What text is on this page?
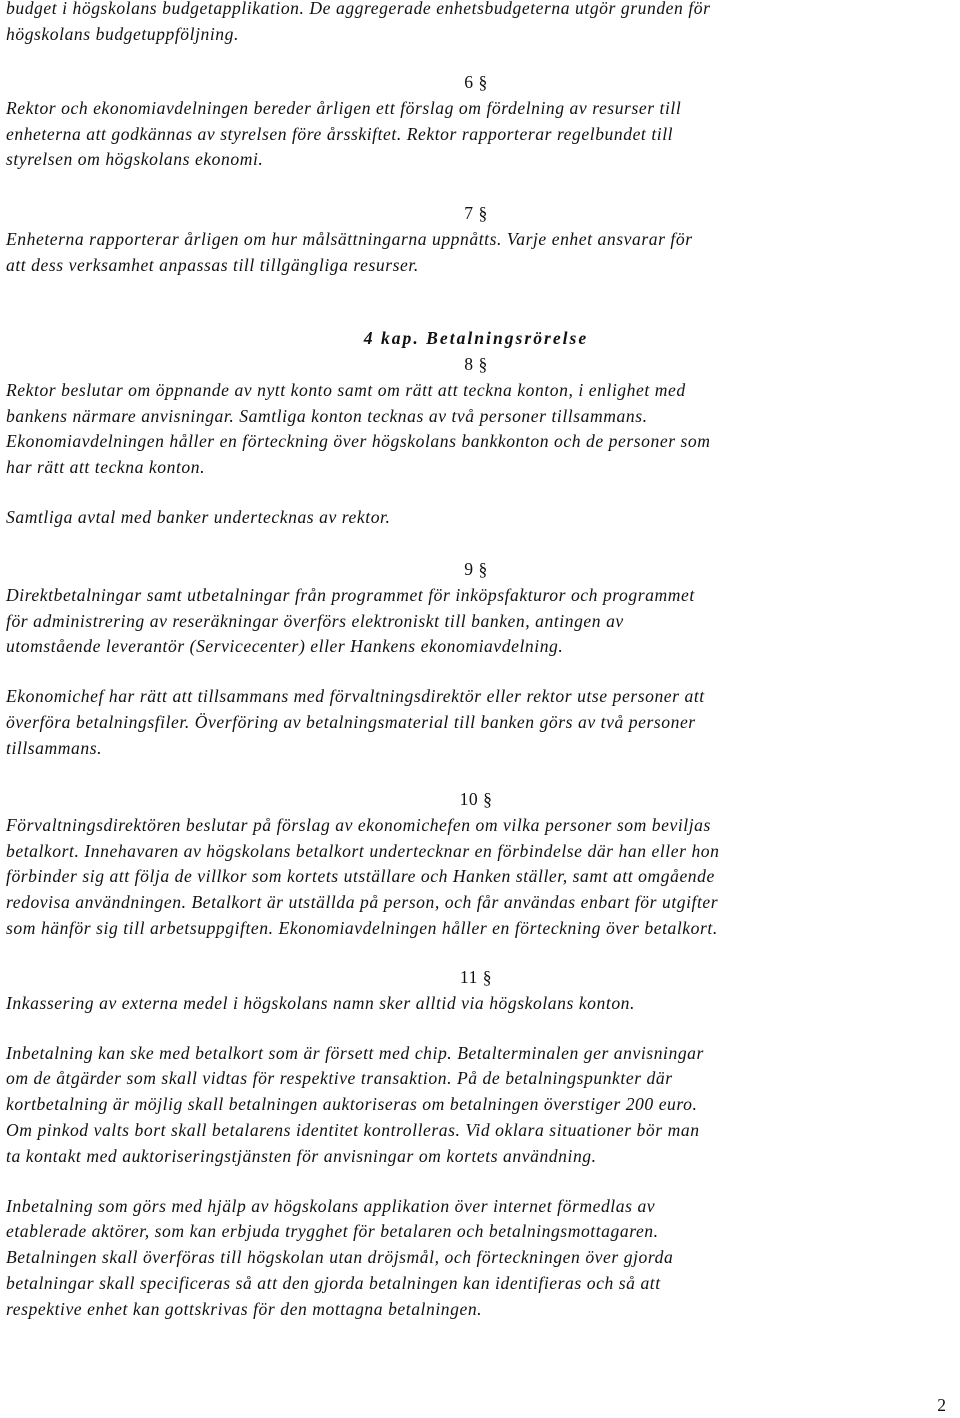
budget i högskolans budgetapplikation. De aggregerade enhetsbudgeterna utgör grunden för

högskolans budgetuppföljning.

6 §

Rektor och ekonomiavdelningen bereder årligen ett förslag om fördelning av resurser till

enheterna att godkännas av styrelsen före årsskiftet. Rektor rapporterar regelbundet till

styrelsen om högskolans ekonomi.

7 §

Enheterna rapporterar årligen om hur målsättningarna uppnåtts. Varje enhet ansvarar för

att dess verksamhet anpassas till tillgängliga resurser.

4 kap. Betalningsrörelse

8 §

Rektor beslutar om öppnande av nytt konto samt om rätt att teckna konton, i enlighet med

bankens närmare anvisningar. Samtliga konton tecknas av två personer tillsammans.

Ekonomiavdelningen håller en förteckning över högskolans bankkonton och de personer som

har rätt att teckna konton.

Samtliga avtal med banker undertecknas av rektor.

9 §

Direktbetalningar samt utbetalningar från programmet för inköpsfakturor och programmet

för administrering av reseräkningar överförs elektroniskt till banken, antingen av

utomstående leverantör (Servicecenter) eller Hankens ekonomiavdelning.

Ekonomichef har rätt att tillsammans med förvaltningsdirektör eller rektor utse personer att

överföra betalningsfiler. Överföring av betalningsmaterial till banken görs av två personer

tillsammans.

10 §

Förvaltningsdirektören beslutar på förslag av ekonomichefen om vilka personer som beviljas

betalkort. Innehavaren av högskolans betalkort undertecknar en förbindelse där han eller hon

förbinder sig att följa de villkor som kortets utställare och Hanken ställer, samt att omgående

redovisa användningen. Betalkort är utställda på person, och får användas enbart för utgifter

som hänför sig till arbetsuppgiften. Ekonomiavdelningen håller en förteckning över betalkort.

11 §

Inkassering av externa medel i högskolans namn sker alltid via högskolans konton.

Inbetalning kan ske med betalkort som är försett med chip. Betalterminalen ger anvisningar

om de åtgärder som skall vidtas för respektive transaktion. På de betalningspunkter där

kortbetalning är möjlig skall betalningen auktoriseras om betalningen överstiger 200 euro.

Om pinkod valts bort skall betalarens identitet kontrolleras. Vid oklara situationer bör man

ta kontakt med auktoriseringstjänsten för anvisningar om kortets användning.

Inbetalning som görs med hjälp av högskolans applikation över internet förmedlas av

etablerade aktörer, som kan erbjuda trygghet för betalaren och betalningsmottagaren.

Betalningen skall överföras till högskolan utan dröjsmål, och förteckningen över gjorda

betalningar skall specificeras så att den gjorda betalningen kan identifieras och så att

respektive enhet kan gottskrivas för den mottagna betalningen.

2
